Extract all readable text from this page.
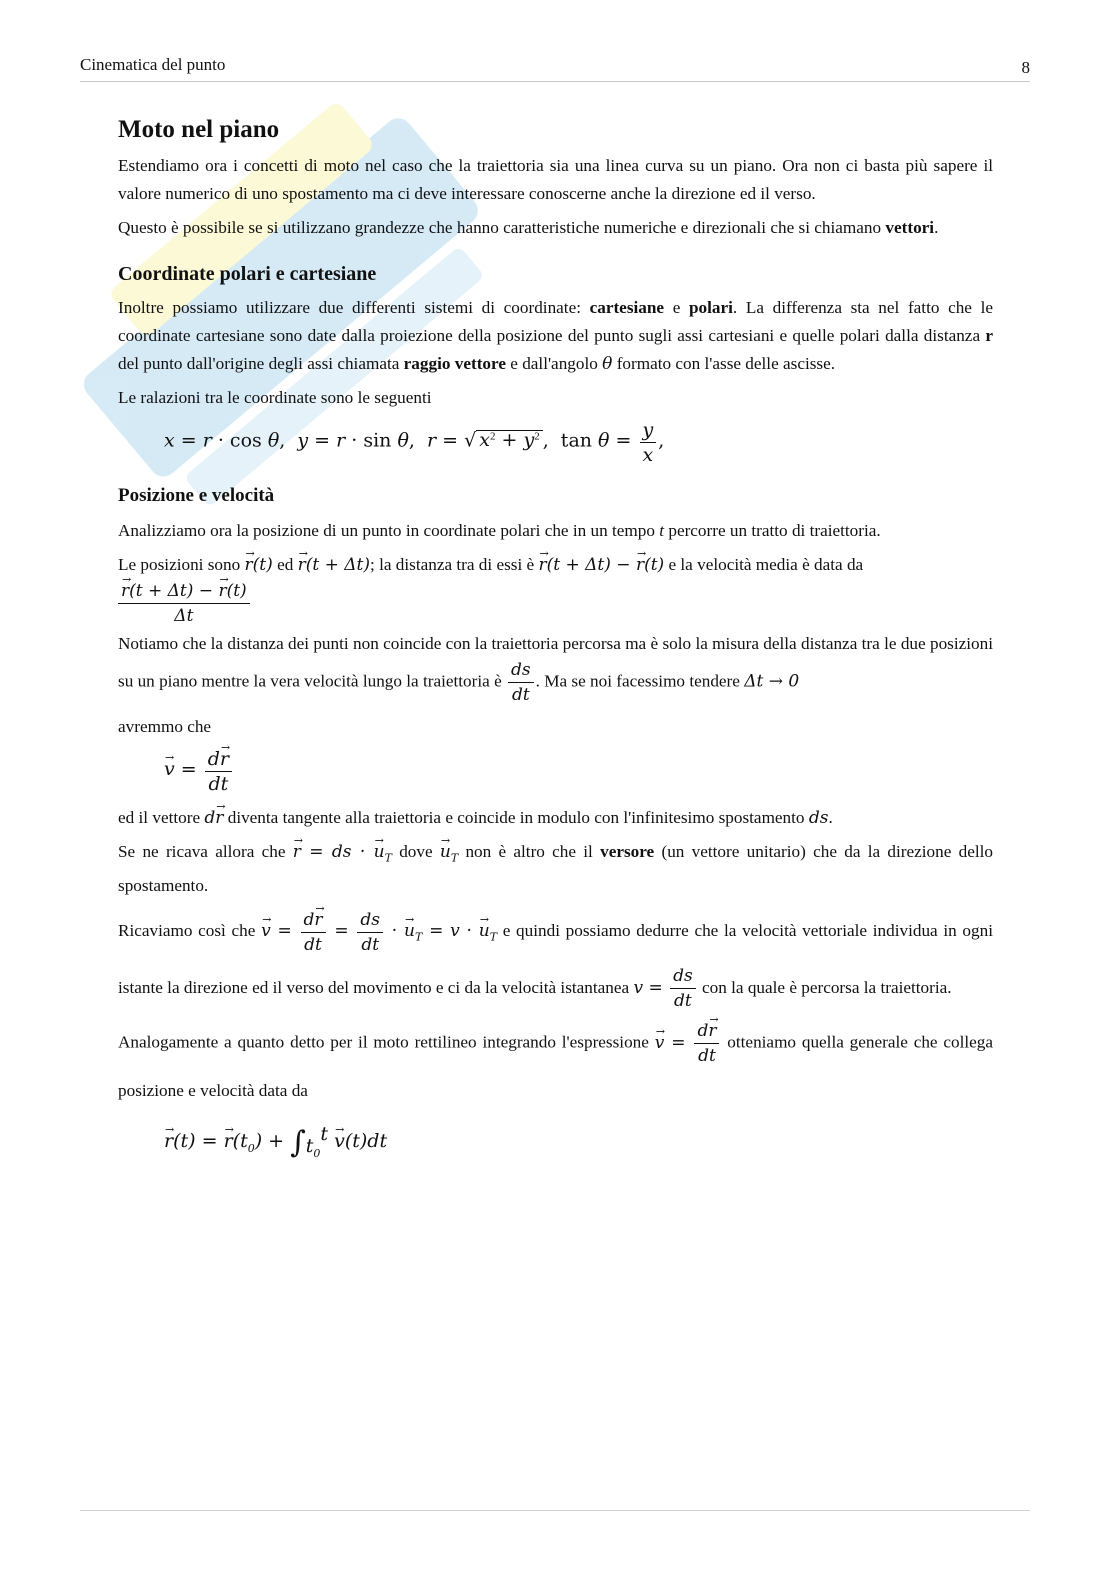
Cinematica del punto	8
Moto nel piano

Estendiamo ora i concetti di moto nel caso che la traiettoria sia una linea curva su un piano. Ora non ci basta più sapere il valore numerico di uno spostamento ma ci deve interessare conoscerne anche la direzione ed il verso.

Questo è possibile se si utilizzano grandezze che hanno caratteristiche numeriche e direzionali che si chiamano vettori.

Coordinate polari e cartesiane

Inoltre possiamo utilizzare due differenti sistemi di coordinate: cartesiane e polari. La differenza sta nel fatto che le coordinate cartesiane sono date dalla proiezione della posizione del punto sugli assi cartesiani e quelle polari dalla distanza r del punto dall'origine degli assi chiamata raggio vettore e dall'angolo θ formato con l'asse delle ascisse.

Le ralazioni tra le coordinate sono le seguenti

x = r · cos θ,  y = r · sin θ,  r = √ $x^2 + y^2$ ,  $\tan \theta = \frac{y}{x}$ ,
Posizione e velocità

Analizziamo ora la posizione di un punto in coordinate polari che in un tempo t percorre un tratto di traiettoria.

Le posizioni sono → r(t) ed → r(t + Δt); la distanza tra di essi è → r(t + Δt) − → r(t) e la velocità media è data da

→ $\frac{r(t + \Delta t) - \to r(t)}{\Delta t}$

Notiamo che la distanza dei punti non coincide con la traiettoria percorsa ma è solo la misura della distanza tra le due posizioni su un piano mentre la vera velocità lungo la traiettoria è $\frac{ds}{dt}$ . Ma se noi facessimo tendere Δt → 0

avremmo che

→ $v = \frac{d\to r}{dt}$

ed il vettore d→ r diventa tangente alla traiettoria e coincide in modulo con l'infinitesimo spostamento ds.

Se ne ricava allora che → r = ds · → $u_T$ dove → $u_T$ non è altro che il versore (un vettore unitario) che da la direzione dello spostamento.

Ricaviamo così che → $v = \frac{d\to r}{dt} = \frac{ds}{dt}$ · → $u_T = v$ · → $u_T$ e quindi possiamo dedurre che la velocità vettoriale individua in ogni istante la direzione ed il verso del movimento e ci da la velocità istantanea $v = \frac{ds}{dt}$ con la quale è percorsa la traiettoria.

Analogamente a quanto detto per il moto rettilineo integrando l'espressione → $v = \frac{d\to r}{dt}$ otteniamo quella generale che collega posizione e velocità data da

→ r(t) = → $r(t_0) + \int_{t_0}^t \to v(t)dt$
